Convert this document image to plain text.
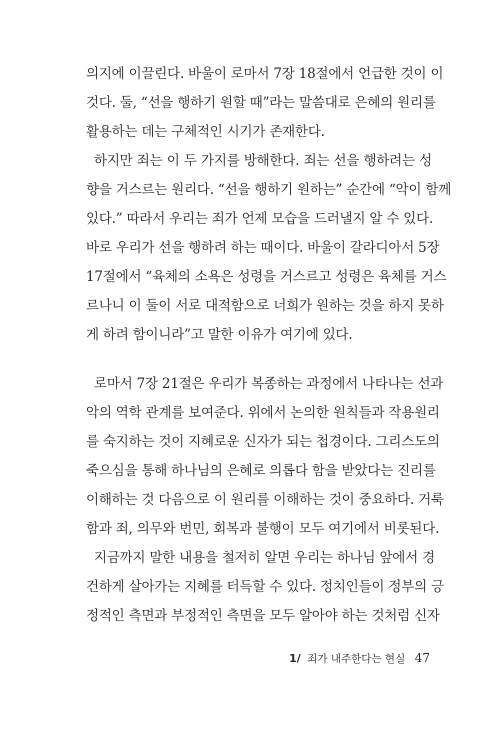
의지에 이끌린다. 바울이 로마서 7장 18절에서 언급한 것이 이
것다. 둘, “선을 행하기 원할 때”라는 말씀대로 은혜의 원리를
활용하는 데는 구체적인 시기가 존재한다.
하지만 죄는 이 두 가지를 방해한다. 죄는 선을 행하려는 성
향을 거스르는 원리다. “선을 행하기 원하는” 순간에 “악이 함께
있다.” 따라서 우리는 죄가 언제 모습을 드러낼지 알 수 있다.
바로 우리가 선을 행하려 하는 때이다. 바울이 갈라디아서 5장
17절에서 “육체의 소욕은 성령을 거스르고 성령은 육체를 거스
르나니 이 둘이 서로 대적함으로 너희가 원하는 것을 하지 못하
게 하려 함이니라”고 말한 이유가 여기에 있다.
로마서 7장 21절은 우리가 복종하는 과정에서 나타나는 선과
악의 역학 관계를 보여준다. 위에서 논의한 원칙들과 작용원리
를 숙지하는 것이 지혜로운 신자가 되는 첩경이다. 그리스도의
죽으심을 통해 하나님의 은혜로 의롭다 함을 받았다는 진리를
이해하는 것 다음으로 이 원리를 이해하는 것이 중요하다. 거룩
함과 죄, 의무와 번민, 회복과 불행이 모두 여기에서 비롯된다.
지금까지 말한 내용을 철저히 알면 우리는 하나님 앞에서 경
건하게 살아가는 지혜를 터득할 수 있다. 정치인들이 정부의 긍
정적인 측면과 부정적인 측면을 모두 알아야 하는 것처럼 신자
1/ 죄가 내주한다는 현실 47
